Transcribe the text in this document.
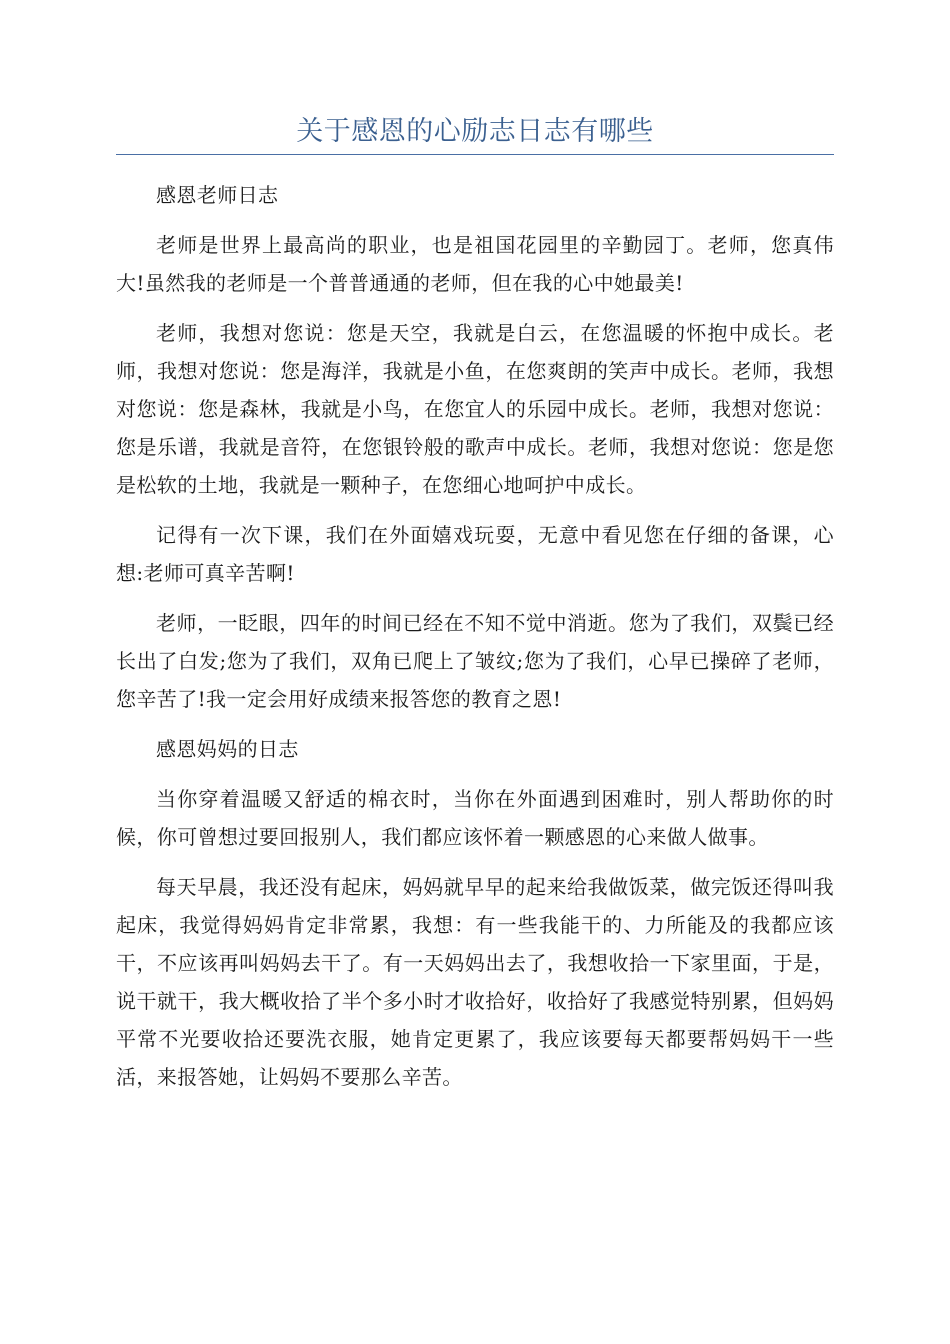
关于感恩的心励志日志有哪些

感恩老师日志

老师是世界上最高尚的职业，也是祖国花园里的辛勤园丁。老师，您真伟大!虽然我的老师是一个普普通通的老师，但在我的心中她最美!

老师，我想对您说：您是天空，我就是白云，在您温暖的怀抱中成长。老师，我想对您说：您是海洋，我就是小鱼，在您爽朗的笑声中成长。老师，我想对您说：您是森林，我就是小鸟，在您宜人的乐园中成长。老师，我想对您说：您是乐谱，我就是音符，在您银铃般的歌声中成长。老师，我想对您说：您是您是松软的土地，我就是一颗种子，在您细心地呵护中成长。

记得有一次下课，我们在外面嬉戏玩耍，无意中看见您在仔细的备课，心想:老师可真辛苦啊!

老师，一眨眼，四年的时间已经在不知不觉中消逝。您为了我们，双鬓已经长出了白发;您为了我们，双角已爬上了皱纹;您为了我们，心早已操碎了老师，您辛苦了!我一定会用好成绩来报答您的教育之恩!

感恩妈妈的日志

当你穿着温暖又舒适的棉衣时，当你在外面遇到困难时，别人帮助你的时候，你可曾想过要回报别人，我们都应该怀着一颗感恩的心来做人做事。

每天早晨，我还没有起床，妈妈就早早的起来给我做饭菜，做完饭还得叫我起床，我觉得妈妈肯定非常累，我想：有一些我能干的、力所能及的我都应该干，不应该再叫妈妈去干了。有一天妈妈出去了，我想收拾一下家里面，于是，说干就干，我大概收拾了半个多小时才收拾好，收拾好了我感觉特别累，但妈妈平常不光要收拾还要洗衣服，她肯定更累了，我应该要每天都要帮妈妈干一些活，来报答她，让妈妈不要那么辛苦。
